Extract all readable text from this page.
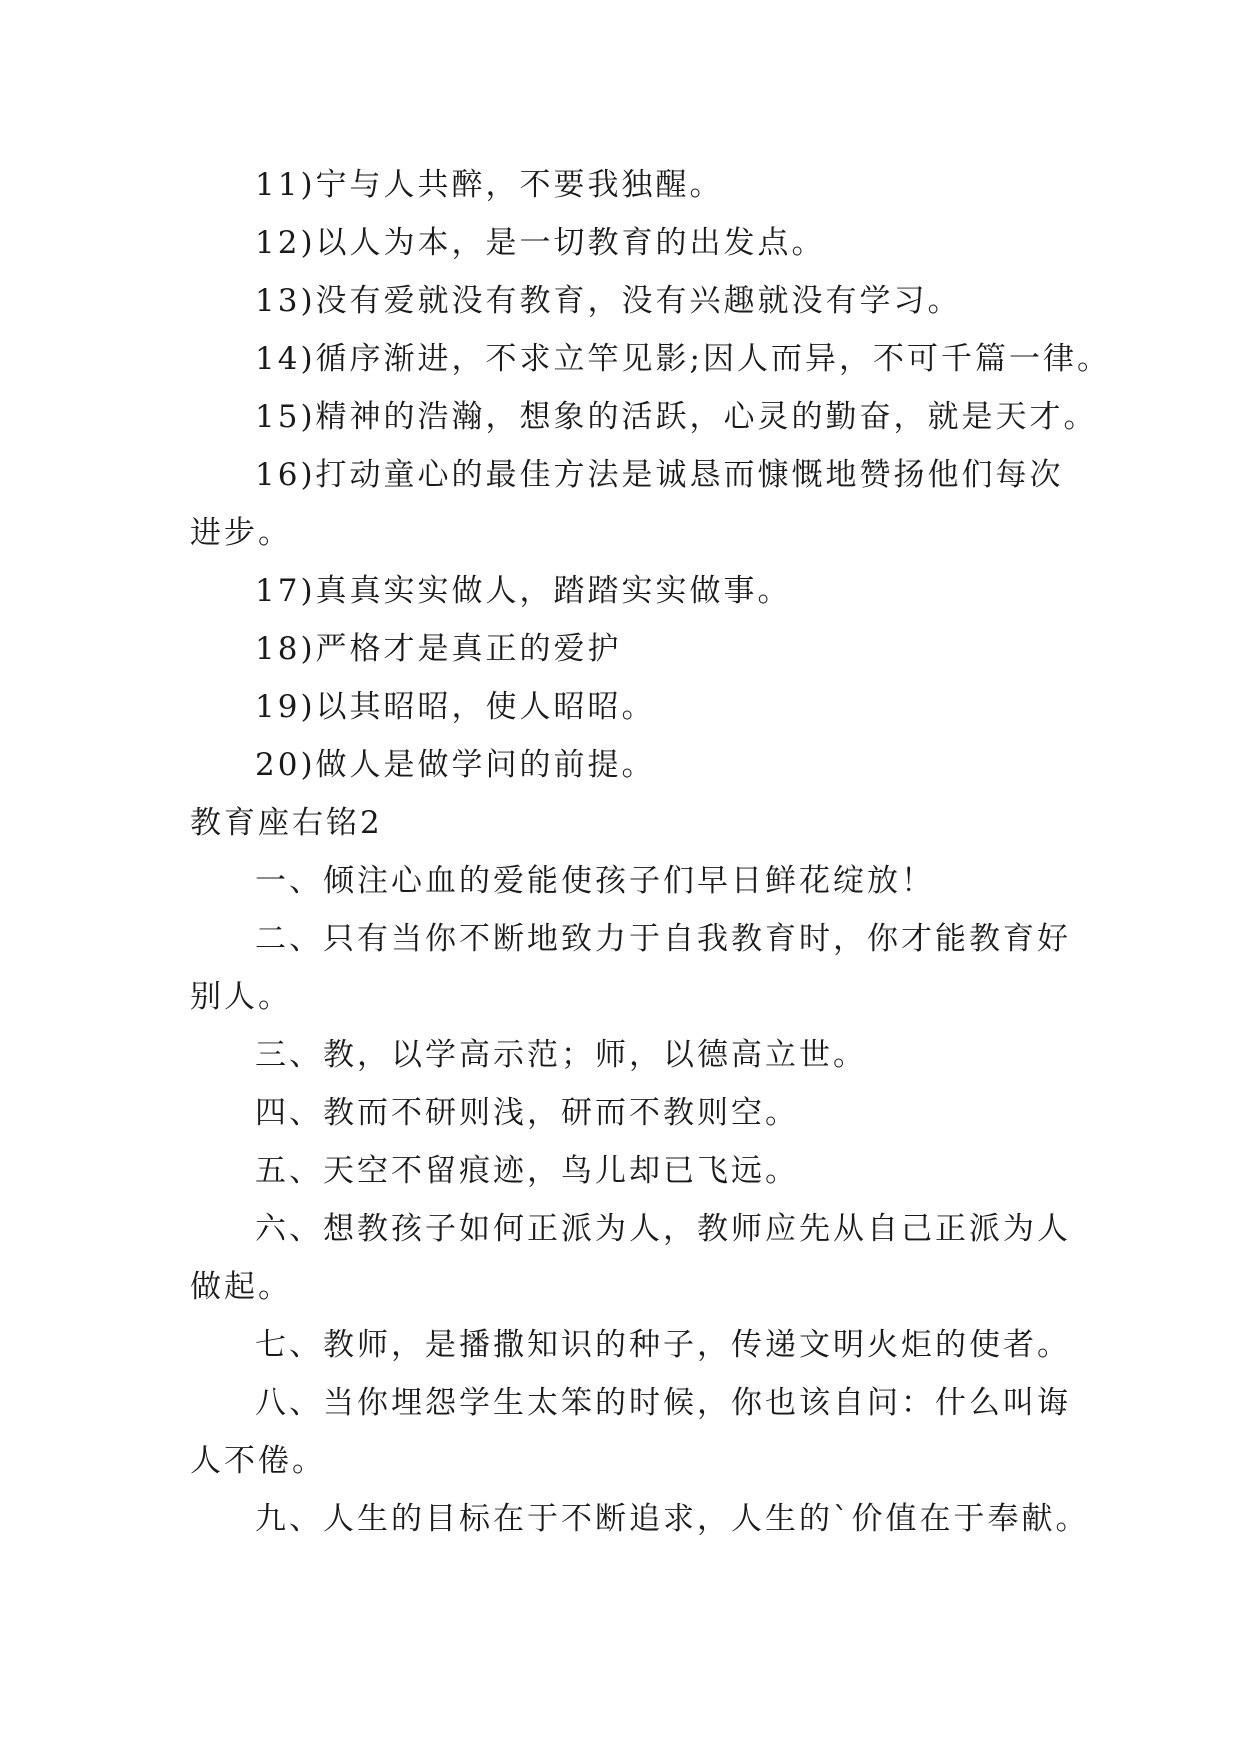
11)宁与人共醉，不要我独醒。
12)以人为本，是一切教育的出发点。
13)没有爱就没有教育，没有兴趣就没有学习。
14)循序渐进，不求立竿见影;因人而异，不可千篇一律。
15)精神的浩瀚，想象的活跃，心灵的勤奋，就是天才。
16)打动童心的最佳方法是诚恳而慷慨地赞扬他们每次
进步。
17)真真实实做人，踏踏实实做事。
18)严格才是真正的爱护
19)以其昭昭，使人昭昭。
20)做人是做学问的前提。
教育座右铭2
一、倾注心血的爱能使孩子们早日鲜花绽放！
二、只有当你不断地致力于自我教育时，你才能教育好
别人。
三、教，以学高示范；师，以德高立世。
四、教而不研则浅，研而不教则空。
五、天空不留痕迹，鸟儿却已飞远。
六、想教孩子如何正派为人，教师应先从自己正派为人
做起。
七、教师，是播撒知识的种子，传递文明火炬的使者。
八、当你埋怨学生太笨的时候，你也该自问：什么叫诲
人不倦。
九、人生的目标在于不断追求，人生的`价值在于奉献。
